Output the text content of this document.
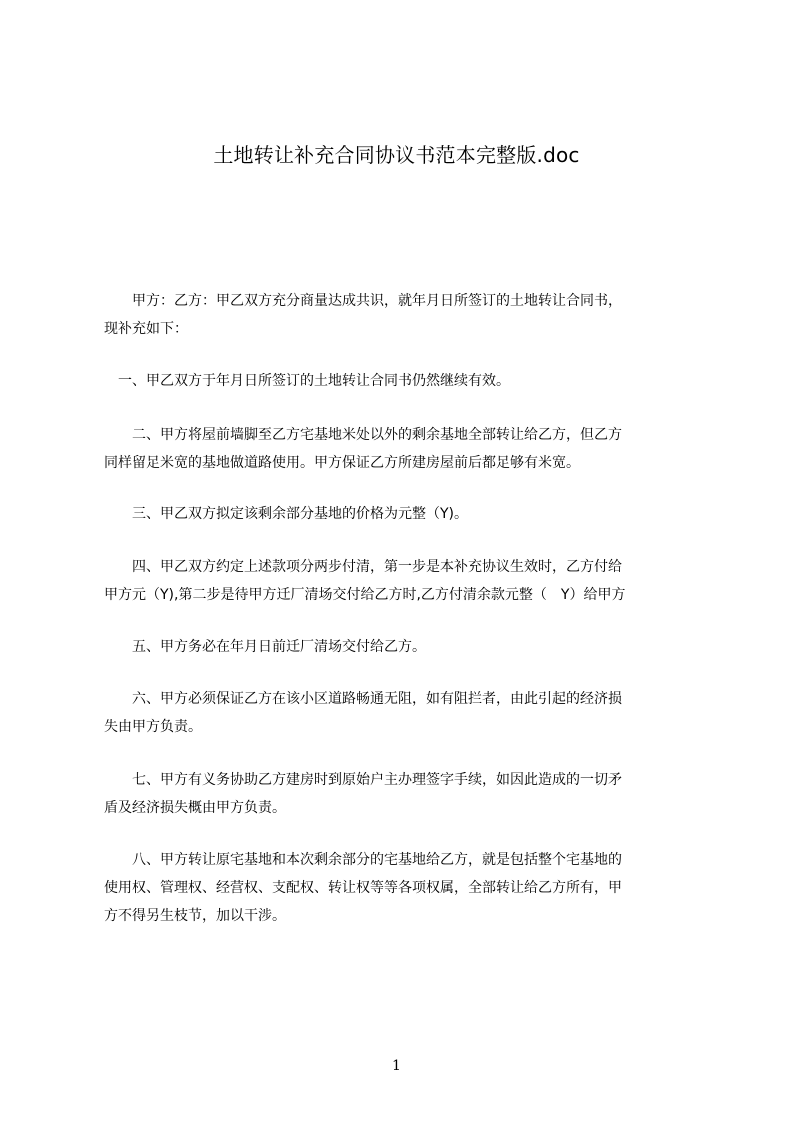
土地转让补充合同协议书范本完整版.doc

　　甲方：乙方：甲乙双方充分商量达成共识，就年月日所签订的土地转让合同书，
现补充如下：

　一、甲乙双方于年月日所签订的土地转让合同书仍然继续有效。

　　二、甲方将屋前墙脚至乙方宅基地米处以外的剩余基地全部转让给乙方，但乙方
同样留足米宽的基地做道路使用。甲方保证乙方所建房屋前后都足够有米宽。

　　三、甲乙双方拟定该剩余部分基地的价格为元整（Y)。

　　四、甲乙双方约定上述款项分两步付清，第一步是本补充协议生效时，乙方付给
甲方元（Y),第二步是待甲方迁厂清场交付给乙方时,乙方付清余款元整（　Y）给甲方

　　五、甲方务必在年月日前迁厂清场交付给乙方。

　　六、甲方必须保证乙方在该小区道路畅通无阻，如有阻拦者，由此引起的经济损
失由甲方负责。

　　七、甲方有义务协助乙方建房时到原始户主办理签字手续，如因此造成的一切矛
盾及经济损失概由甲方负责。

　　八、甲方转让原宅基地和本次剩余部分的宅基地给乙方，就是包括整个宅基地的
使用权、管理权、经营权、支配权、转让权等等各项权属，全部转让给乙方所有，甲
方不得另生枝节，加以干涉。

1
